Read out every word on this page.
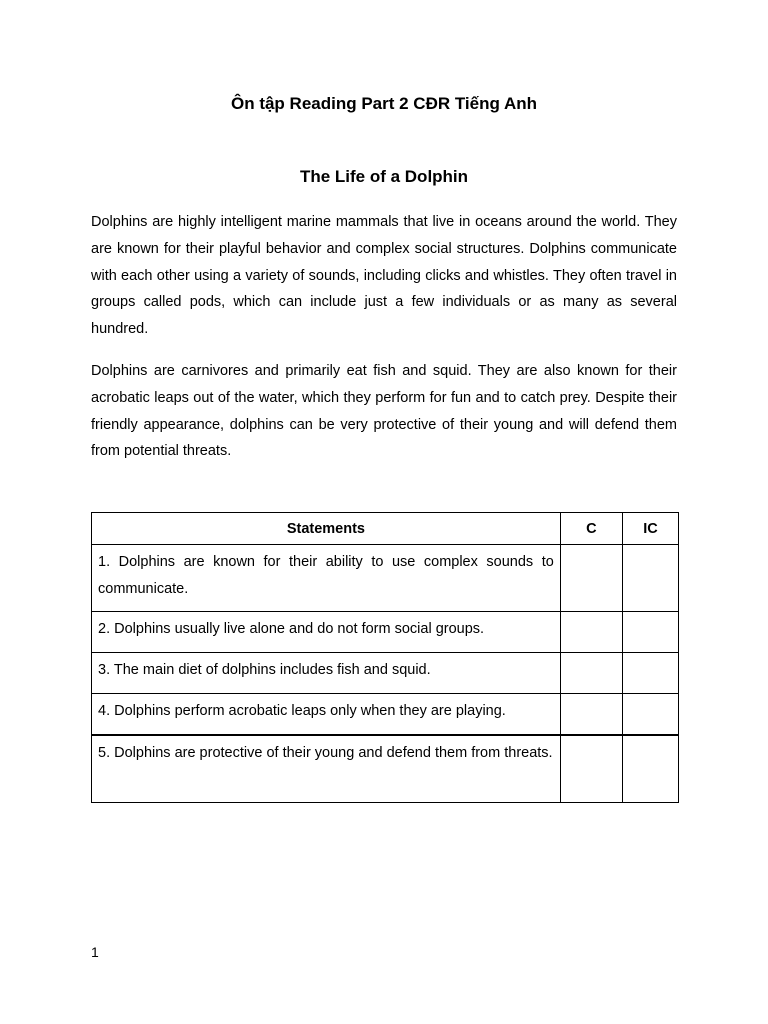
Ôn tập Reading Part 2 CĐR Tiếng Anh
The Life of a Dolphin

Dolphins are highly intelligent marine mammals that live in oceans around the world. They are known for their playful behavior and complex social structures. Dolphins communicate with each other using a variety of sounds, including clicks and whistles. They often travel in groups called pods, which can include just a few individuals or as many as several hundred.

Dolphins are carnivores and primarily eat fish and squid. They are also known for their acrobatic leaps out of the water, which they perform for fun and to catch prey. Despite their friendly appearance, dolphins can be very protective of their young and will defend them from potential threats.

Statements	C	IC
1. Dolphins are known for their ability to use complex sounds to communicate.		
2. Dolphins usually live alone and do not form social groups.		
3. The main diet of dolphins includes fish and squid.		
4. Dolphins perform acrobatic leaps only when they are playing.		
5. Dolphins are protective of their young and defend them from threats.		

1
